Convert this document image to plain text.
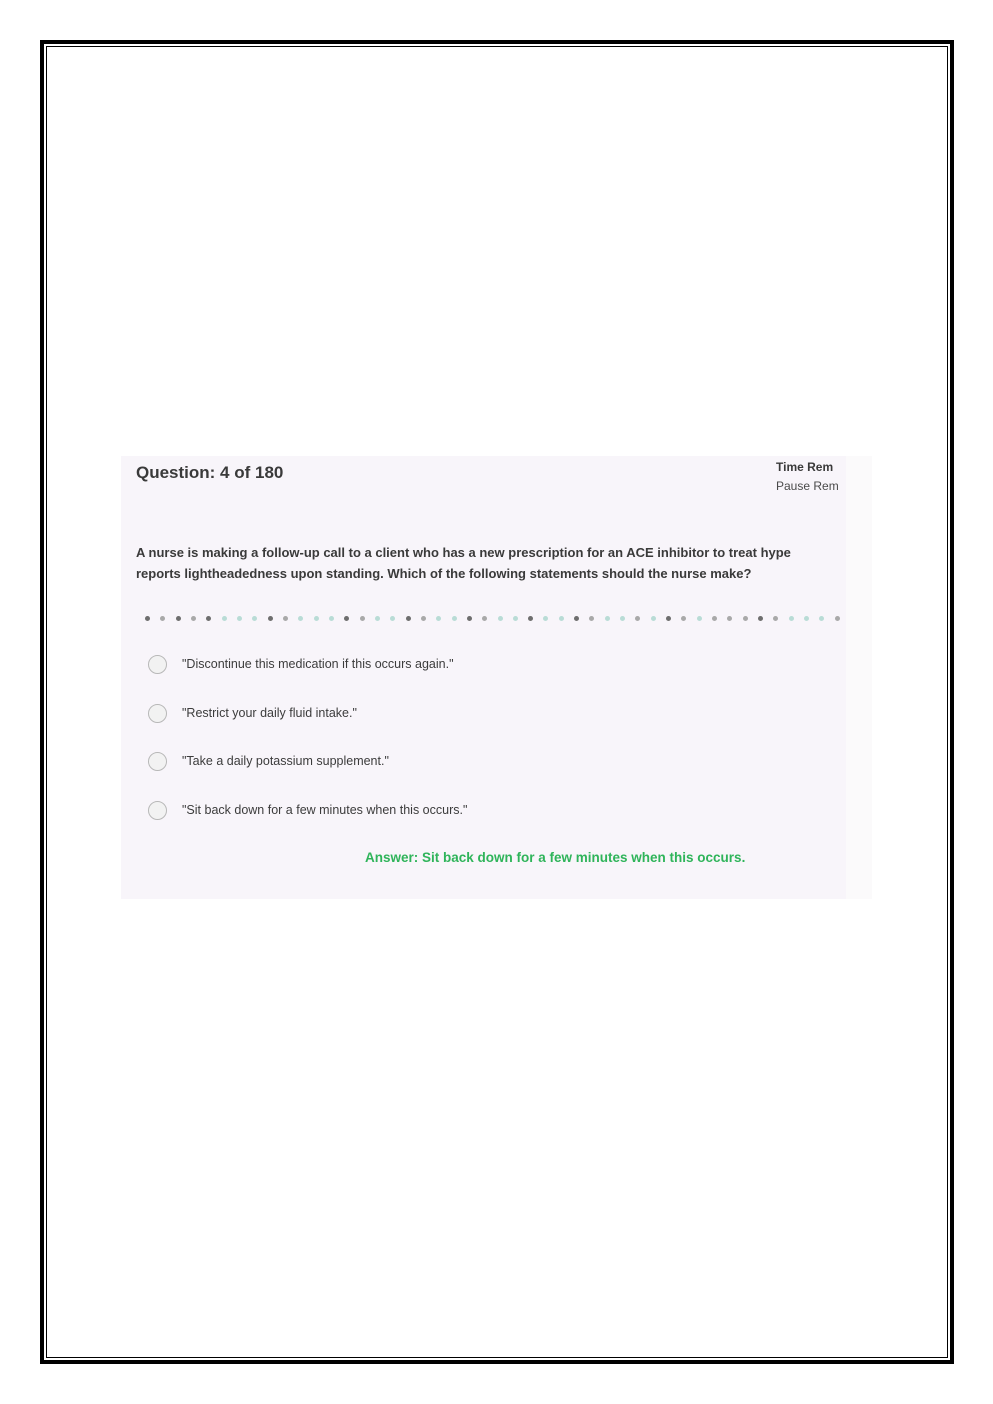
Question: 4 of 180	Time Rem
Pause Rem
A nurse is making a follow-up call to a client who has a new prescription for an ACE inhibitor to treat hype
reports lightheadedness upon standing. Which of the following statements should the nurse make?
"Discontinue this medication if this occurs again."
"Restrict your daily fluid intake."
"Take a daily potassium supplement."
"Sit back down for a few minutes when this occurs."
Answer: Sit back down for a few minutes when this occurs.
